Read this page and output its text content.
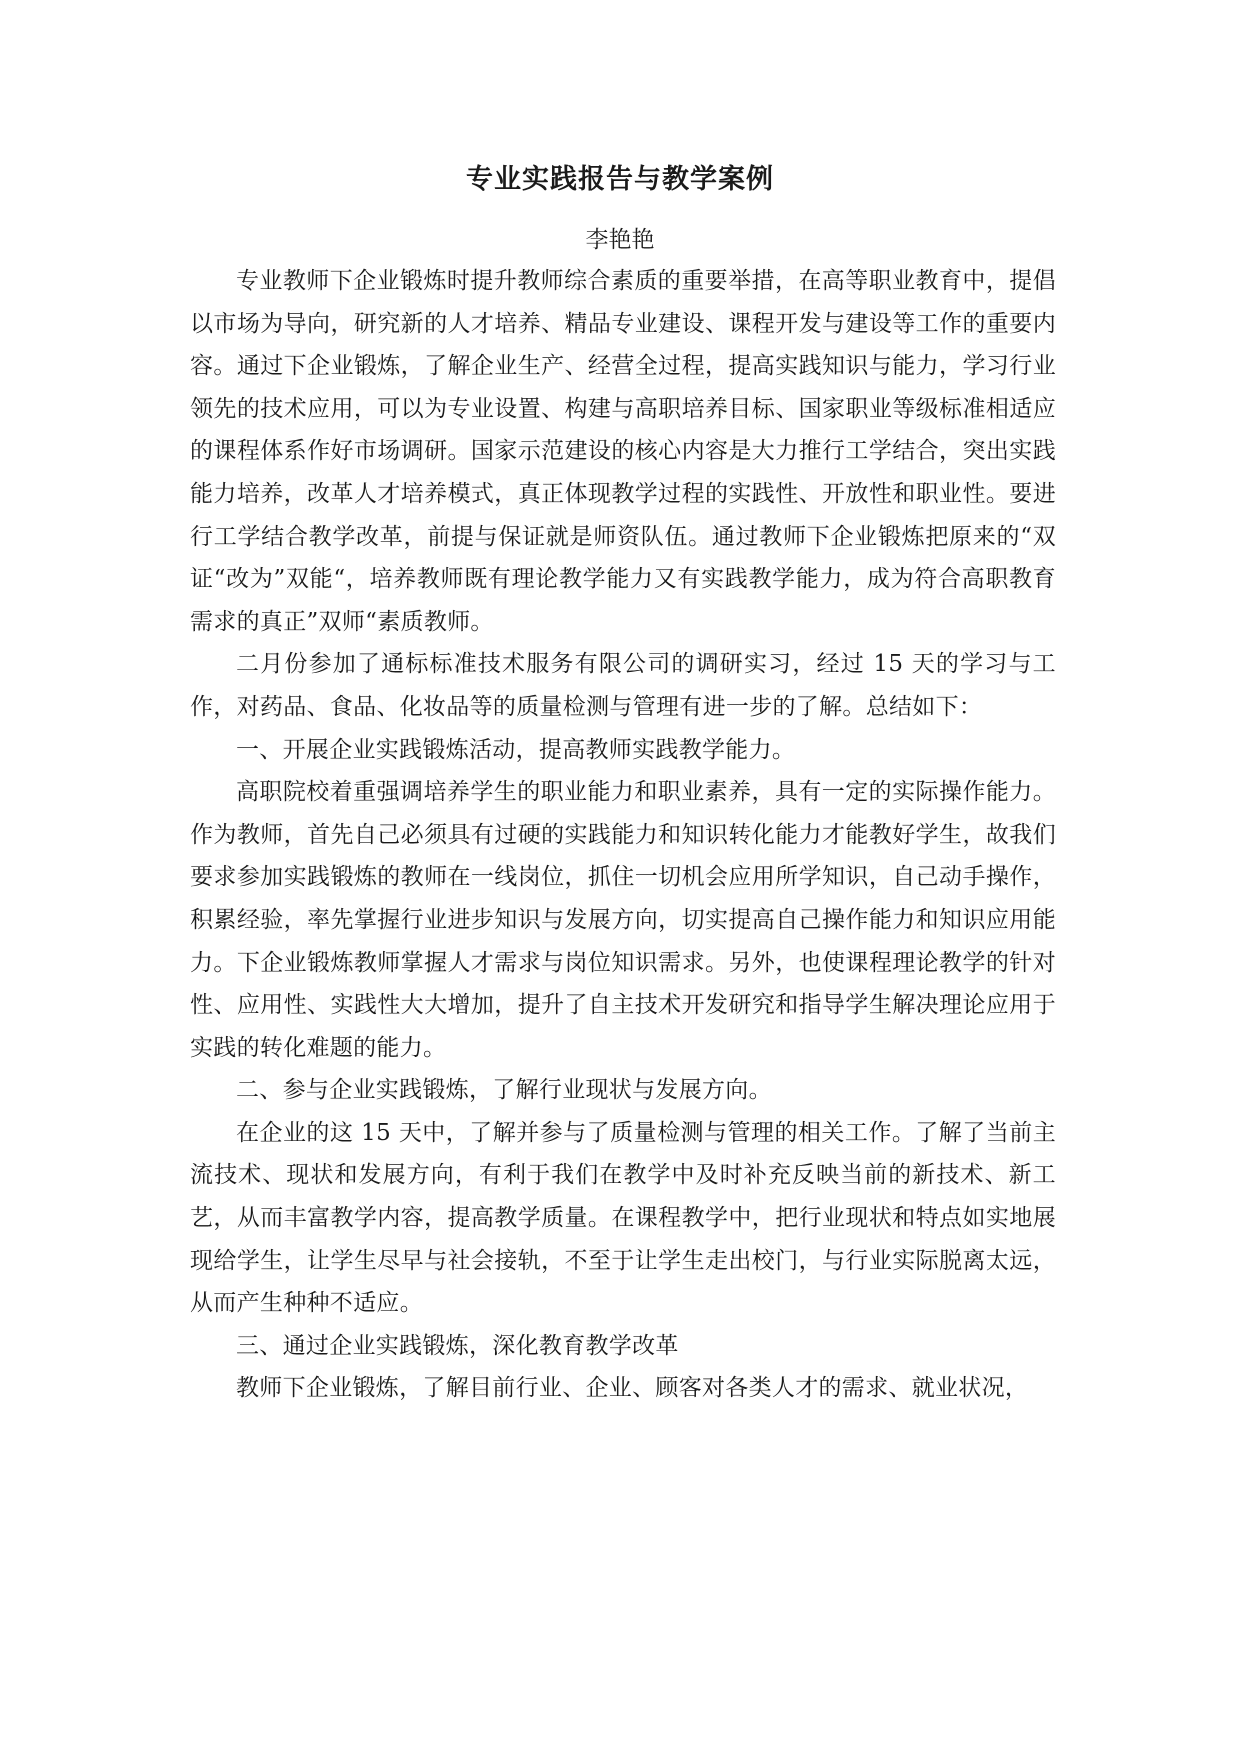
专业实践报告与教学案例
李艳艳

专业教师下企业锻炼时提升教师综合素质的重要举措，在高等职业教育中，提倡以市场为导向，研究新的人才培养、精品专业建设、课程开发与建设等工作的重要内容。通过下企业锻炼，了解企业生产、经营全过程，提高实践知识与能力，学习行业领先的技术应用，可以为专业设置、构建与高职培养目标、国家职业等级标准相适应的课程体系作好市场调研。国家示范建设的核心内容是大力推行工学结合，突出实践能力培养，改革人才培养模式，真正体现教学过程的实践性、开放性和职业性。要进行工学结合教学改革，前提与保证就是师资队伍。通过教师下企业锻炼把原来的“双证“改为”双能“，培养教师既有理论教学能力又有实践教学能力，成为符合高职教育需求的真正”双师“素质教师。

二月份参加了通标标准技术服务有限公司的调研实习，经过 15 天的学习与工作，对药品、食品、化妆品等的质量检测与管理有进一步的了解。总结如下：

一、开展企业实践锻炼活动，提高教师实践教学能力。

高职院校着重强调培养学生的职业能力和职业素养，具有一定的实际操作能力。作为教师，首先自己必须具有过硬的实践能力和知识转化能力才能教好学生，故我们要求参加实践锻炼的教师在一线岗位，抓住一切机会应用所学知识，自己动手操作，积累经验，率先掌握行业进步知识与发展方向，切实提高自己操作能力和知识应用能力。下企业锻炼教师掌握人才需求与岗位知识需求。另外，也使课程理论教学的针对性、应用性、实践性大大增加，提升了自主技术开发研究和指导学生解决理论应用于实践的转化难题的能力。

二、参与企业实践锻炼，了解行业现状与发展方向。

在企业的这 15 天中，了解并参与了质量检测与管理的相关工作。了解了当前主流技术、现状和发展方向，有利于我们在教学中及时补充反映当前的新技术、新工艺，从而丰富教学内容，提高教学质量。在课程教学中，把行业现状和特点如实地展现给学生，让学生尽早与社会接轨，不至于让学生走出校门，与行业实际脱离太远，从而产生种种不适应。

三、通过企业实践锻炼，深化教育教学改革

教师下企业锻炼，了解目前行业、企业、顾客对各类人才的需求、就业状况，
